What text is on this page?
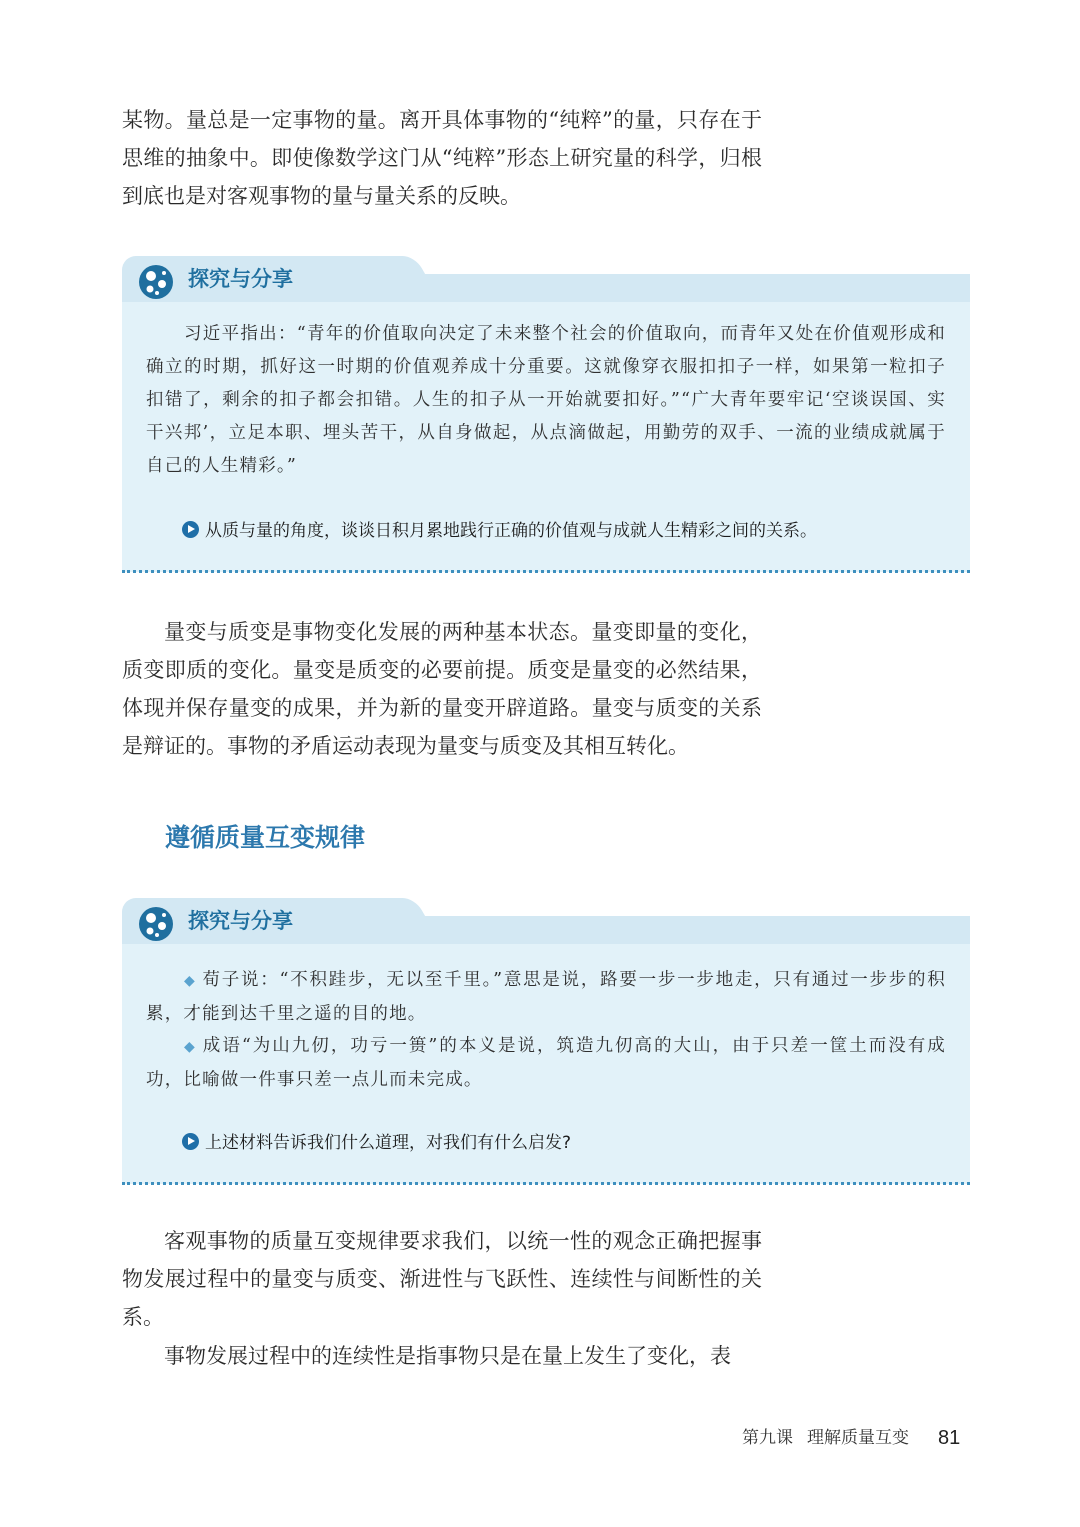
某物。量总是一定事物的量。离开具体事物的“纯粹”的量，只存在于思维的抽象中。即使像数学这门从“纯粹”形态上研究量的科学，归根到底也是对客观事物的量与量关系的反映。

探究与分享

习近平指出：“青年的价值取向决定了未来整个社会的价值取向，而青年又处在价值观形成和确立的时期，抓好这一时期的价值观养成十分重要。这就像穿衣服扣扣子一样，如果第一粒扣子扣错了，剩余的扣子都会扣错。人生的扣子从一开始就要扣好。”“广大青年要牢记‘空谈误国、实干兴邦’，立足本职、埋头苦干，从自身做起，从点滴做起，用勤劳的双手、一流的业绩成就属于自己的人生精彩。”

从质与量的角度，谈谈日积月累地践行正确的价值观与成就人生精彩之间的关系。

量变与质变是事物变化发展的两种基本状态。量变即量的变化，质变即质的变化。量变是质变的必要前提。质变是量变的必然结果，体现并保存量变的成果，并为新的量变开辟道路。量变与质变的关系是辩证的。事物的矛盾运动表现为量变与质变及其相互转化。

遵循质量互变规律
探究与分享

◆ 荀子说：“不积跬步，无以至千里。”意思是说，路要一步一步地走，只有通过一步步的积累，才能到达千里之遥的目的地。

◆ 成语“为山九仞，功亏一篑”的本义是说，筑造九仞高的大山，由于只差一筐土而没有成功，比喻做一件事只差一点儿而未完成。

上述材料告诉我们什么道理，对我们有什么启发?

客观事物的质量互变规律要求我们，以统一性的观念正确把握事物发展过程中的量变与质变、渐进性与飞跃性、连续性与间断性的关系。

事物发展过程中的连续性是指事物只是在量上发生了变化，表

第九课 理解质量互变	81
